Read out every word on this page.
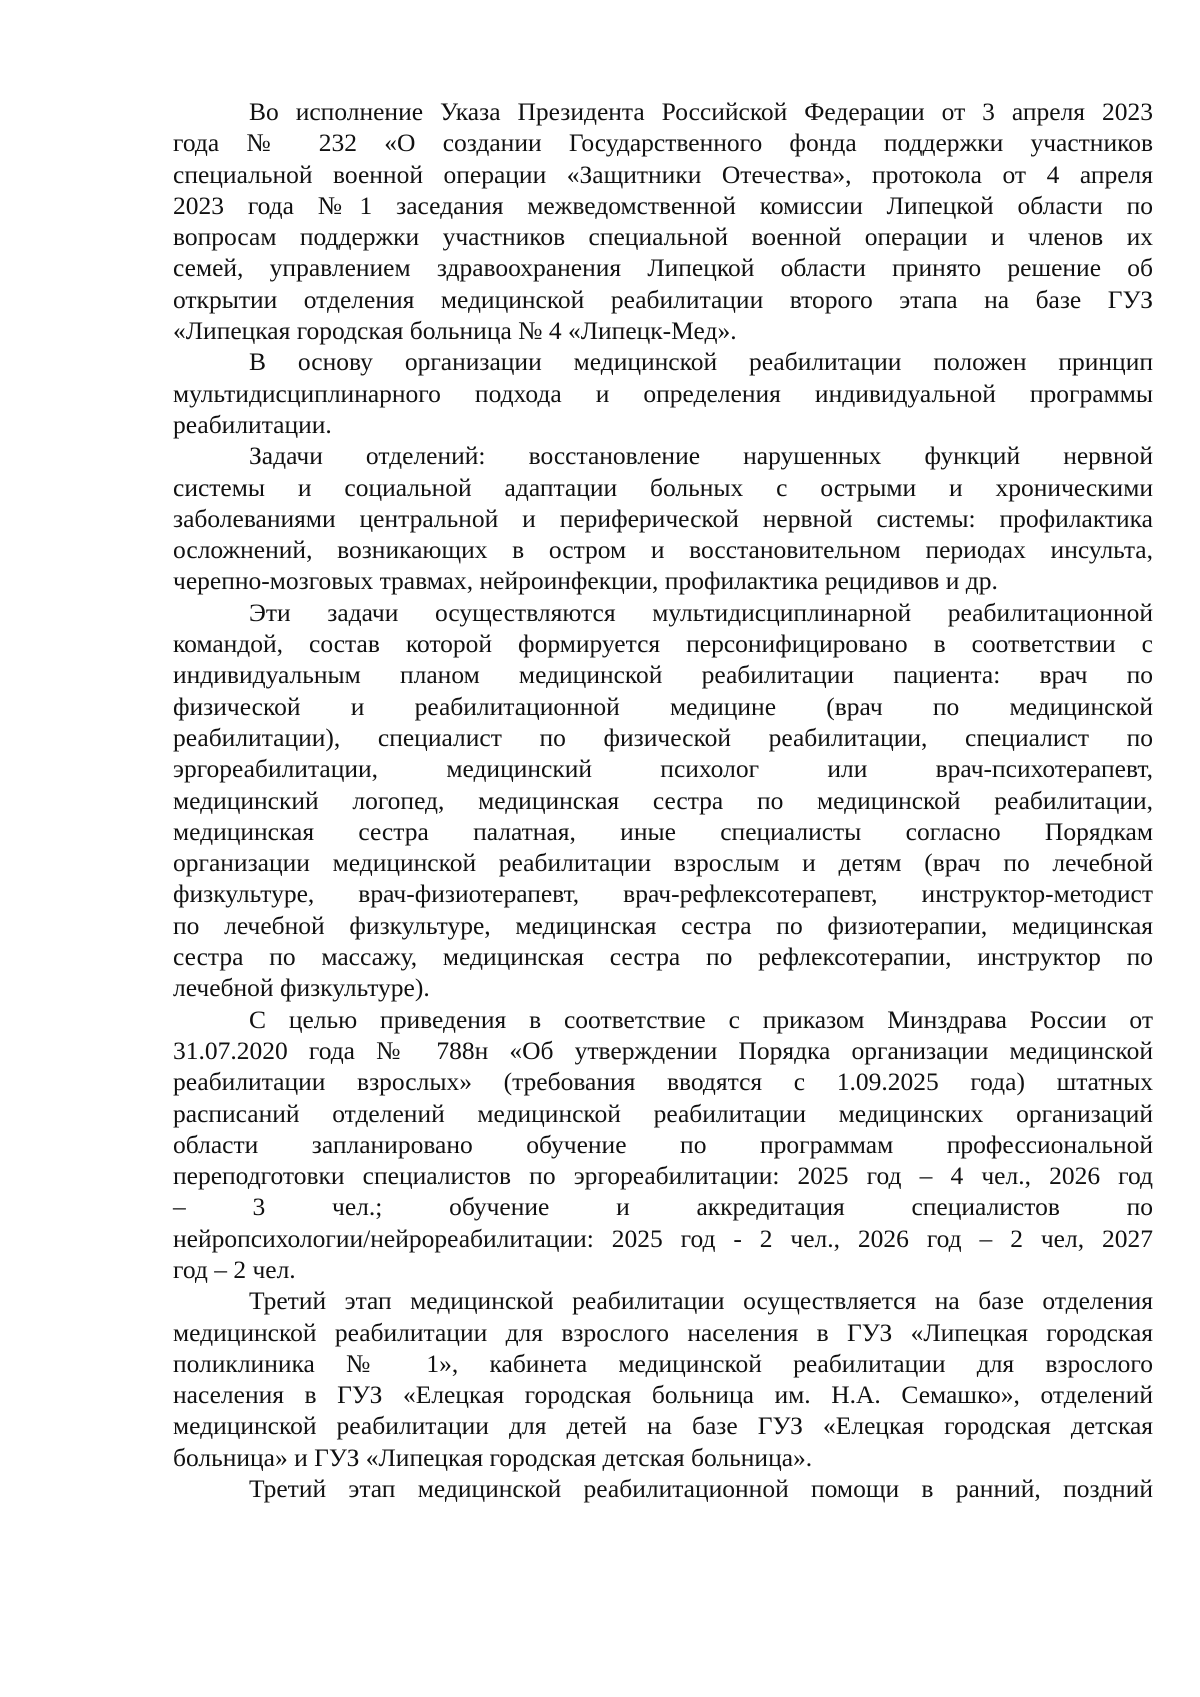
Во исполнение Указа Президента Российской Федерации от 3 апреля 2023
года № 232 «О создании Государственного фонда поддержки участников
специальной военной операции «Защитники Отечества», протокола от 4 апреля
2023 года №1 заседания межведомственной комиссии Липецкой области по
вопросам поддержки участников специальной военной операции и членов их
семей, управлением здравоохранения Липецкой области принято решение об
открытии отделения медицинской реабилитации второго этапа на базе ГУЗ
«Липецкая городская больница № 4 «Липецк-Мед».
В основу организации медицинской реабилитации положен принцип
мультидисциплинарного подхода и определения индивидуальной программы
реабилитации.
Задачи отделений: восстановление нарушенных функций нервной
системы и социальной адаптации больных с острыми и хроническими
заболеваниями центральной и периферической нервной системы: профилактика
осложнений, возникающих в остром и восстановительном периодах инсульта,
черепно-мозговых травмах, нейроинфекции, профилактика рецидивов и др.
Эти задачи осуществляются мультидисциплинарной реабилитационной
командой, состав которой формируется персонифицировано в соответствии с
индивидуальным планом медицинской реабилитации пациента: врач по
физической и реабилитационной медицине (врач по медицинской
реабилитации), специалист по физической реабилитации, специалист по
эргореабилитации, медицинский психолог или врач-психотерапевт,
медицинский логопед, медицинская сестра по медицинской реабилитации,
медицинская сестра палатная, иные специалисты согласно Порядкам
организации медицинской реабилитации взрослым и детям (врач по лечебной
физкультуре, врач-физиотерапевт, врач-рефлексотерапевт, инструктор-методист
по лечебной физкультуре, медицинская сестра по физиотерапии, медицинская
сестра по массажу, медицинская сестра по рефлексотерапии, инструктор по
лечебной физкультуре).
С целью приведения в соответствие с приказом Минздрава России от
31.07.2020 года № 788н «Об утверждении Порядка организации медицинской
реабилитации взрослых» (требования вводятся с 1.09.2025 года) штатных
расписаний отделений медицинской реабилитации медицинских организаций
области запланировано обучение по программам профессиональной
переподготовки специалистов по эргореабилитации: 2025 год – 4 чел., 2026 год
– 3 чел.; обучение и аккредитация специалистов по
нейропсихологии/нейрореабилитации: 2025 год - 2 чел., 2026 год – 2 чел, 2027
год – 2 чел.
Третий этап медицинской реабилитации осуществляется на базе отделения
медицинской реабилитации для взрослого населения в ГУЗ «Липецкая городская
поликлиника № 1», кабинета медицинской реабилитации для взрослого
населения в ГУЗ «Елецкая городская больница им. Н.А. Семашко», отделений
медицинской реабилитации для детей на базе ГУЗ «Елецкая городская детская
больница» и ГУЗ «Липецкая городская детская больница».
Третий этап медицинской реабилитационной помощи в ранний, поздний
